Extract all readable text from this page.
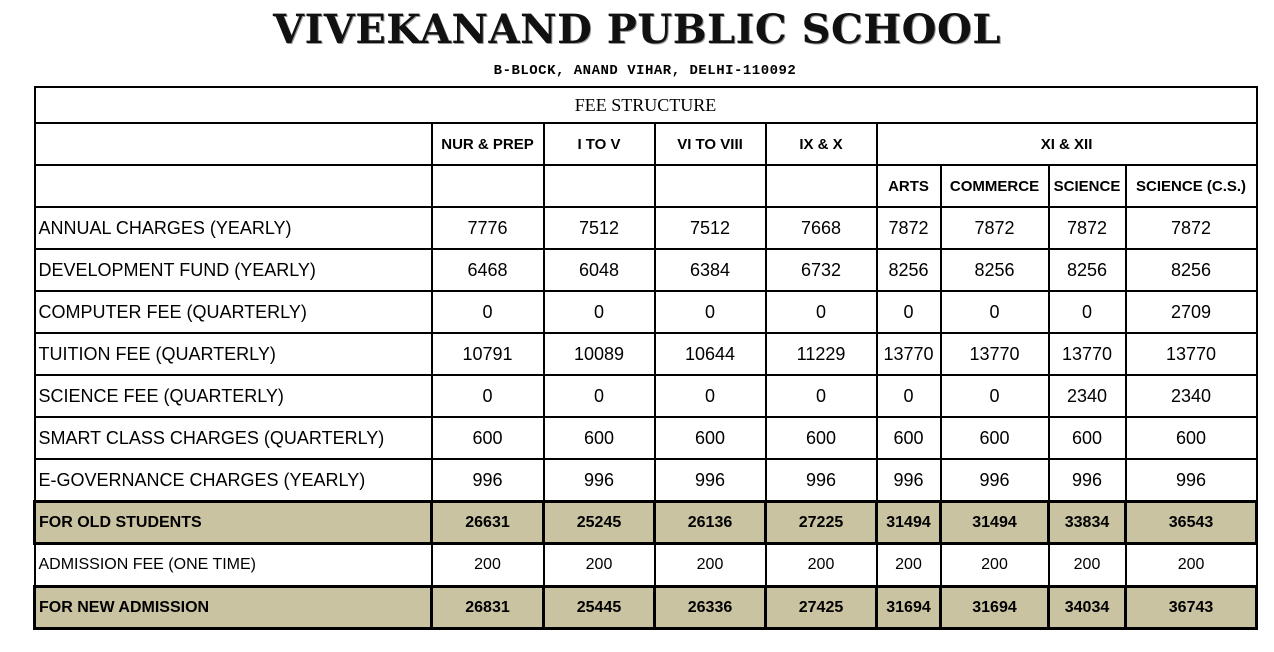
VIVEKANAND PUBLIC SCHOOL
B-BLOCK, ANAND VIHAR, DELHI-110092
FEE STRUCTURE								
	NUR & PREP	I TO V	VI TO VIII	IX & X	XI & XII			
					ARTS	COMMERCE	SCIENCE	SCIENCE (C.S.)
ANNUAL CHARGES (YEARLY)	7776	7512	7512	7668	7872	7872	7872	7872
DEVELOPMENT FUND (YEARLY)	6468	6048	6384	6732	8256	8256	8256	8256
COMPUTER FEE (QUARTERLY)	0	0	0	0	0	0	0	2709
TUITION FEE (QUARTERLY)	10791	10089	10644	11229	13770	13770	13770	13770
SCIENCE FEE (QUARTERLY)	0	0	0	0	0	0	2340	2340
SMART CLASS CHARGES (QUARTERLY)	600	600	600	600	600	600	600	600
E-GOVERNANCE CHARGES (YEARLY)	996	996	996	996	996	996	996	996
FOR OLD STUDENTS	26631	25245	26136	27225	31494	31494	33834	36543
ADMISSION FEE (ONE TIME)	200	200	200	200	200	200	200	200
FOR NEW ADMISSION	26831	25445	26336	27425	31694	31694	34034	36743
